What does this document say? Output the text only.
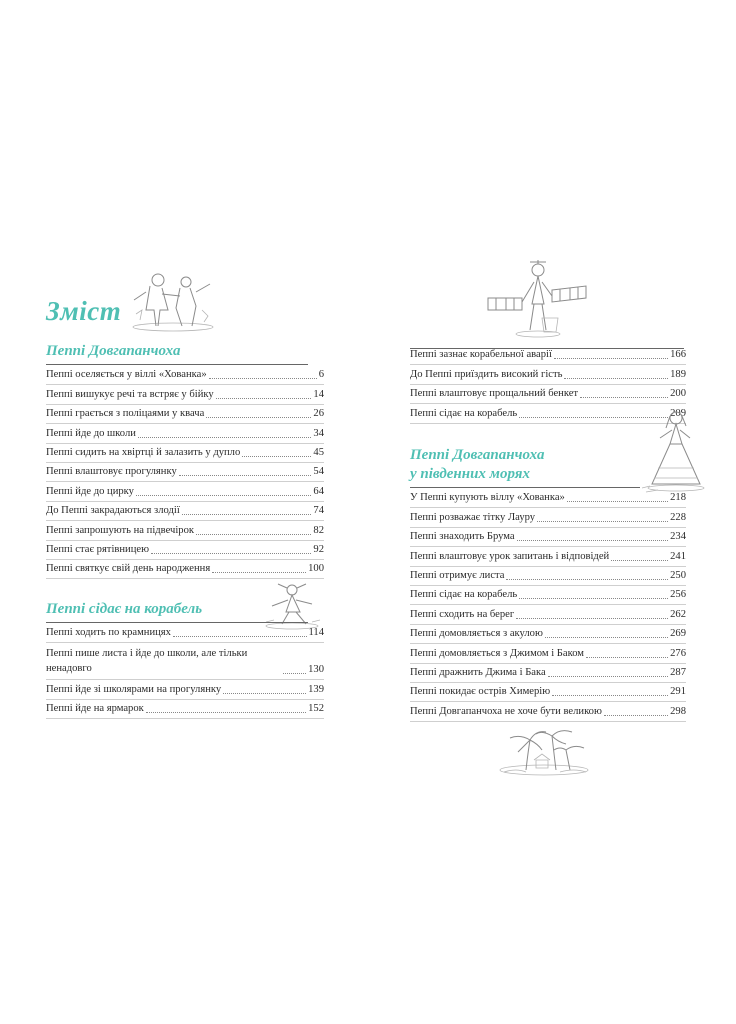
Зміст
Пеппі Довгапанчоха
Пеппі оселяється у віллі «Хованка»	6
Пеппі вишукує речі та встряє у бійку	14
Пеппі грається з поліцаями у квача	26
Пеппі йде до школи	34
Пеппі сидить на хвіртці й залазить у дупло	45
Пеппі влаштовує прогулянку	54
Пеппі йде до цирку	64
До Пеппі закрадаються злодії	74
Пеппі запрошують на підвечірок	82
Пеппі стає рятівницею	92
Пеппі святкує свій день народження	100
Пеппі сідає на корабель
Пеппі ходить по крамницях	114
Пеппі пише листа і йде до школи, але тільки ненадовго	130
Пеппі йде зі школярами на прогулянку	139
Пеппі йде на ярмарок	152
Пеппі зазнає корабельної аварії	166
До Пеппі приїздить високий гість	189
Пеппі влаштовує прощальний бенкет	200
Пеппі сідає на корабель	209
Пеппі Довгапанчоха
у південних морях
У Пеппі купують віллу «Хованка»	218
Пеппі розважає тітку Лауру	228
Пеппі знаходить Брума	234
Пеппі влаштовує урок запитань і відповідей	241
Пеппі отримує листа	250
Пеппі сідає на корабель	256
Пеппі сходить на берег	262
Пеппі домовляється з акулою	269
Пеппі домовляється з Джимом і Баком	276
Пеппі дражнить Джима і Бака	287
Пеппі покидає острів Химерію	291
Пеппі Довгапанчоха не хоче бути великою	298
